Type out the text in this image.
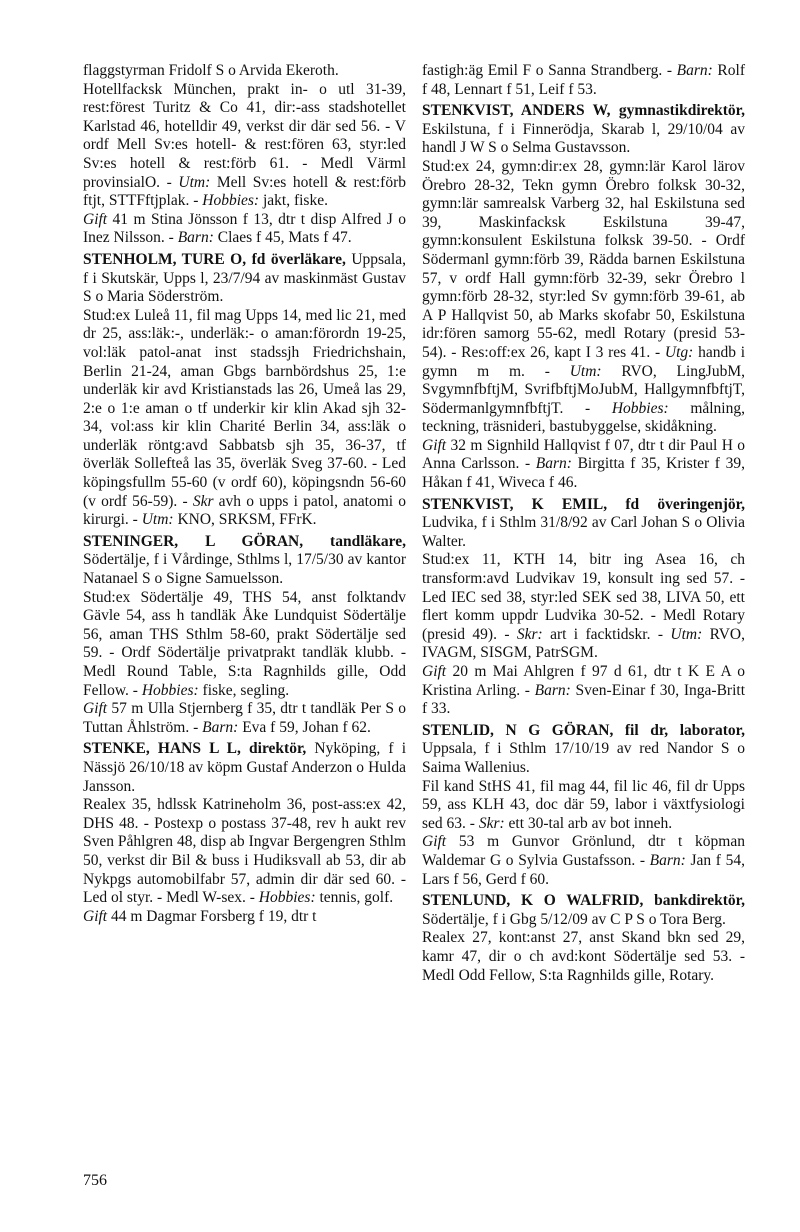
flaggstyrman Fridolf S o Arvida Ekeroth.

Hotellfacksk München, prakt in- o utl 31-39, rest:förest Turitz & Co 41, dir:-ass stadshotellet Karlstad 46, hotelldir 49, verkst dir där sed 56. - V ordf Mell Sv:es hotell- & rest:fören 63, styr:led Sv:es hotell & rest:förb 61. - Medl Värml provinsialO. - Utm: Mell Sv:es hotell & rest:förb ftjt, STTFftjplak. - Hobbies: jakt, fiske.

Gift 41 m Stina Jönsson f 13, dtr t disp Alfred J o Inez Nilsson. - Barn: Claes f 45, Mats f 47.

STENHOLM, TURE O, fd överläkare, Uppsala, f i Skutskär, Upps l, 23/7/94 av maskinmäst Gustav S o Maria Söderström.

Stud:ex Luleå 11, fil mag Upps 14, med lic 21, med dr 25, ass:läk:-, underläk:- o aman:förordn 19-25, vol:läk patol-anat inst stadssjh Friedrichshain, Berlin 21-24, aman Gbgs barnbördshus 25, 1:e underläk kir avd Kristianstads las 26, Umeå las 29, 2:e o 1:e aman o tf underkir kir klin Akad sjh 32-34, vol:ass kir klin Charité Berlin 34, ass:läk o underläk röntg:avd Sabbatsb sjh 35, 36-37, tf överläk Sollefteå las 35, överläk Sveg 37-60. - Led köpingsfullm 55-60 (v ordf 60), köpingsndn 56-60 (v ordf 56-59). - Skr avh o upps i patol, anatomi o kirurgi. - Utm: KNO, SRKSM, FFrK.

STENINGER, L GÖRAN, tandläkare, Södertälje, f i Vårdinge, Sthlms l, 17/5/30 av kantor Natanael S o Signe Samuelsson.

Stud:ex Södertälje 49, THS 54, anst folktandv Gävle 54, ass h tandläk Åke Lundquist Södertälje 56, aman THS Sthlm 58-60, prakt Södertälje sed 59. - Ordf Södertälje privatprakt tandläk klubb. - Medl Round Table, S:ta Ragnhilds gille, Odd Fellow. - Hobbies: fiske, segling.

Gift 57 m Ulla Stjernberg f 35, dtr t tandläk Per S o Tuttan Åhlström. - Barn: Eva f 59, Johan f 62.

STENKE, HANS L L, direktör, Nyköping, f i Nässjö 26/10/18 av köpm Gustaf Anderzon o Hulda Jansson.

Realex 35, hdlssk Katrineholm 36, post-ass:ex 42, DHS 48. - Postexp o postass 37-48, rev h aukt rev Sven Påhlgren 48, disp ab Ingvar Bergengren Sthlm 50, verkst dir Bil & buss i Hudiksvall ab 53, dir ab Nykpgs automobilfabr 57, admin dir där sed 60. - Led ol styr. - Medl W-sex. - Hobbies: tennis, golf.

Gift 44 m Dagmar Forsberg f 19, dtr t

fastigh:äg Emil F o Sanna Strandberg. - Barn: Rolf f 48, Lennart f 51, Leif f 53.

STENKVIST, ANDERS W, gymnastikdirektör, Eskilstuna, f i Finnerödja, Skarab l, 29/10/04 av handl J W S o Selma Gustavsson.

Stud:ex 24, gymn:dir:ex 28, gymn:lär Karol lärov Örebro 28-32, Tekn gymn Örebro folksk 30-32, gymn:lär samrealsk Varberg 32, hal Eskilstuna sed 39, Maskinfacksk Eskilstuna 39-47, gymn:konsulent Eskilstuna folksk 39-50. - Ordf Södermanl gymn:förb 39, Rädda barnen Eskilstuna 57, v ordf Hall gymn:förb 32-39, sekr Örebro l gymn:förb 28-32, styr:led Sv gymn:förb 39-61, ab A P Hallqvist 50, ab Marks skofabr 50, Eskilstuna idr:fören samorg 55-62, medl Rotary (presid 53-54). - Res:off:ex 26, kapt I 3 res 41. - Utg: handb i gymn m m. - Utm: RVO, LingJubM, SvgymnfbftjM, SvrifbftjMoJubM, HallgymnfbftjT, SödermanlgymnfbftjT. - Hobbies: målning, teckning, träsnideri, bastubyggelse, skidåkning.

Gift 32 m Signhild Hallqvist f 07, dtr t dir Paul H o Anna Carlsson. - Barn: Birgitta f 35, Krister f 39, Håkan f 41, Wiveca f 46.

STENKVIST, K EMIL, fd överingenjör, Ludvika, f i Sthlm 31/8/92 av Carl Johan S o Olivia Walter.

Stud:ex 11, KTH 14, bitr ing Asea 16, ch transform:avd Ludvikav 19, konsult ing sed 57. - Led IEC sed 38, styr:led SEK sed 38, LIVA 50, ett flert komm uppdr Ludvika 30-52. - Medl Rotary (presid 49). - Skr: art i facktidskr. - Utm: RVO, IVAGM, SISGM, PatrSGM.

Gift 20 m Mai Ahlgren f 97 d 61, dtr t K E A o Kristina Arling. - Barn: Sven-Einar f 30, Inga-Britt f 33.

STENLID, N G GÖRAN, fil dr, laborator, Uppsala, f i Sthlm 17/10/19 av red Nandor S o Saima Wallenius.

Fil kand StHS 41, fil mag 44, fil lic 46, fil dr Upps 59, ass KLH 43, doc där 59, labor i växtfysiologi sed 63. - Skr: ett 30-tal arb av bot inneh.

Gift 53 m Gunvor Grönlund, dtr t köpman Waldemar G o Sylvia Gustafsson. - Barn: Jan f 54, Lars f 56, Gerd f 60.

STENLUND, K O WALFRID, bankdirektör, Södertälje, f i Gbg 5/12/09 av C P S o Tora Berg.

Realex 27, kont:anst 27, anst Skand bkn sed 29, kamr 47, dir o ch avd:kont Södertälje sed 53. - Medl Odd Fellow, S:ta Ragnhilds gille, Rotary.

756
